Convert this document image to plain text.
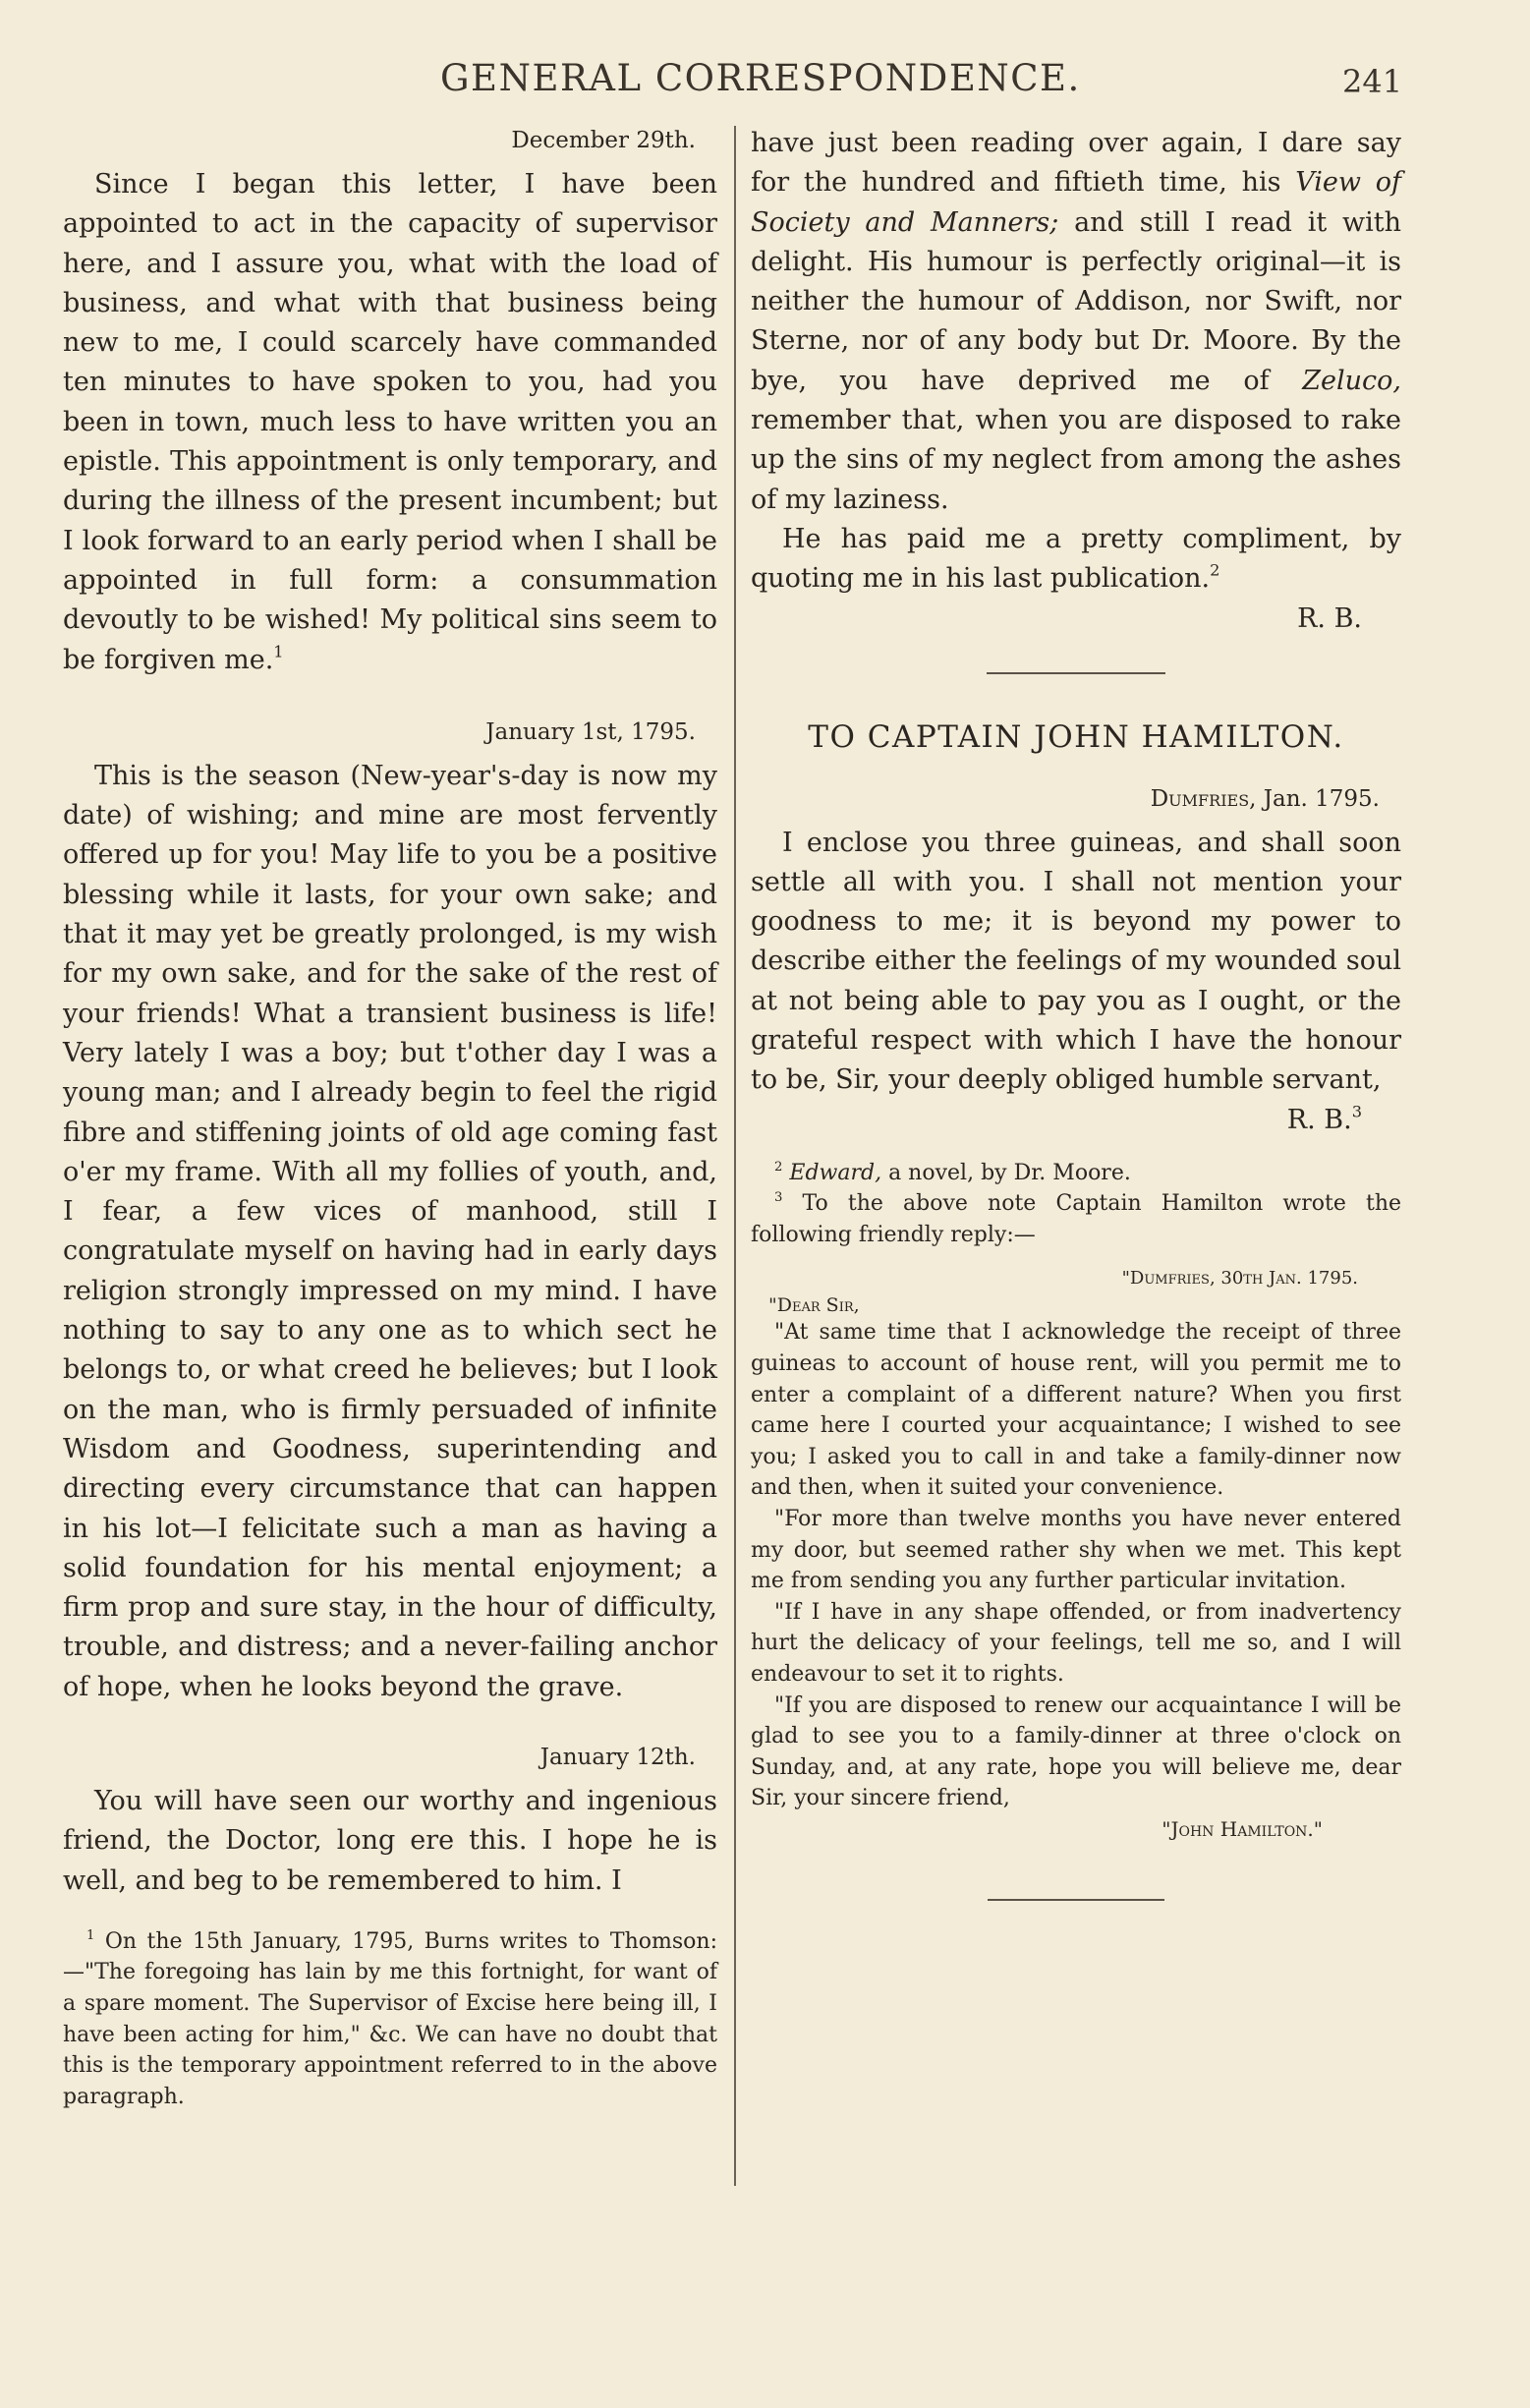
GENERAL CORRESPONDENCE.	241
December 29th.

Since I began this letter, I have been appointed to act in the capacity of supervisor here, and I assure you, what with the load of business, and what with that business being new to me, I could scarcely have commanded ten minutes to have spoken to you, had you been in town, much less to have written you an epistle. This appointment is only temporary, and during the illness of the present incumbent; but I look forward to an early period when I shall be appointed in full form: a consummation devoutly to be wished! My political sins seem to be forgiven me.$^1$

January 1st, 1795.

This is the season (New-year's-day is now my date) of wishing; and mine are most fervently offered up for you! May life to you be a positive blessing while it lasts, for your own sake; and that it may yet be greatly prolonged, is my wish for my own sake, and for the sake of the rest of your friends! What a transient business is life! Very lately I was a boy; but t'other day I was a young man; and I already begin to feel the rigid fibre and stiffening joints of old age coming fast o'er my frame. With all my follies of youth, and, I fear, a few vices of manhood, still I congratulate myself on having had in early days religion strongly impressed on my mind. I have nothing to say to any one as to which sect he belongs to, or what creed he believes; but I look on the man, who is firmly persuaded of infinite Wisdom and Goodness, superintending and directing every circumstance that can happen in his lot—I felicitate such a man as having a solid foundation for his mental enjoyment; a firm prop and sure stay, in the hour of difficulty, trouble, and distress; and a never-failing anchor of hope, when he looks beyond the grave.

January 12th.

You will have seen our worthy and ingenious friend, the Doctor, long ere this. I hope he is well, and beg to be remembered to him. I

$^1$ On the 15th January, 1795, Burns writes to Thomson:—"The foregoing has lain by me this fortnight, for want of a spare moment. The Supervisor of Excise here being ill, I have been acting for him," &c. We can have no doubt that this is the temporary appointment referred to in the above paragraph.

have just been reading over again, I dare say for the hundred and fiftieth time, his View of Society and Manners; and still I read it with delight. His humour is perfectly original—it is neither the humour of Addison, nor Swift, nor Sterne, nor of any body but Dr. Moore. By the bye, you have deprived me of Zeluco, remember that, when you are disposed to rake up the sins of my neglect from among the ashes of my laziness.

He has paid me a pretty compliment, by quoting me in his last publication.$^2$

R. B.
TO CAPTAIN JOHN HAMILTON.
Dumfries, Jan. 1795.

I enclose you three guineas, and shall soon settle all with you. I shall not mention your goodness to me; it is beyond my power to describe either the feelings of my wounded soul at not being able to pay you as I ought, or the grateful respect with which I have the honour to be, Sir, your deeply obliged humble servant,

R. B.$^3$

$^2$ Edward, a novel, by Dr. Moore.

$^3$ To the above note Captain Hamilton wrote the following friendly reply:—

"Dumfries, 30th Jan. 1795.
"Dear Sir,

"At same time that I acknowledge the receipt of three guineas to account of house rent, will you permit me to enter a complaint of a different nature? When you first came here I courted your acquaintance; I wished to see you; I asked you to call in and take a family-dinner now and then, when it suited your convenience.

"For more than twelve months you have never entered my door, but seemed rather shy when we met. This kept me from sending you any further particular invitation.

"If I have in any shape offended, or from inadvertency hurt the delicacy of your feelings, tell me so, and I will endeavour to set it to rights.

"If you are disposed to renew our acquaintance I will be glad to see you to a family-dinner at three o'clock on Sunday, and, at any rate, hope you will believe me, dear Sir, your sincere friend,

"John Hamilton."
